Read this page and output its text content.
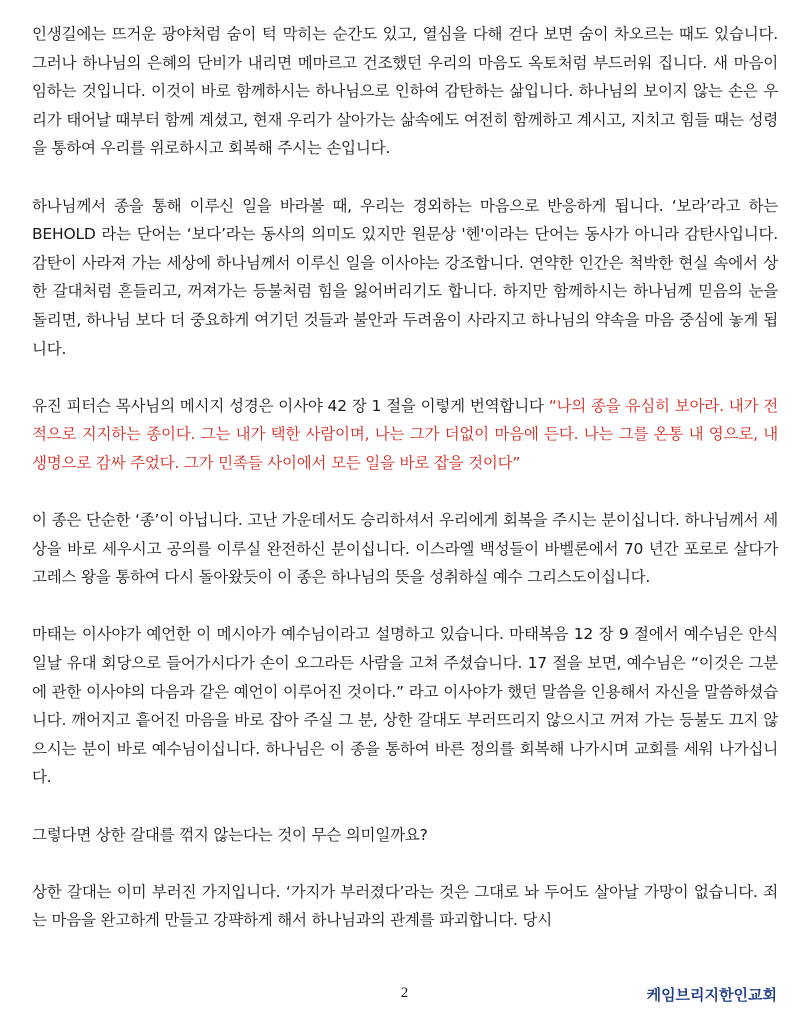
인생길에는 뜨거운 광야처럼 숨이 턱 막히는 순간도 있고, 열심을 다해 걷다 보면 숨이 차오르는 때도 있습니다. 그러나 하나님의 은혜의 단비가 내리면 메마르고 건조했던 우리의 마음도 옥토처럼 부드러워 집니다. 새 마음이 임하는 것입니다. 이것이 바로 함께하시는 하나님으로 인하여 감탄하는 삶입니다. 하나님의 보이지 않는 손은 우리가 태어날 때부터 함께 계셨고, 현재 우리가 살아가는 삶속에도 여전히 함께하고 계시고, 지치고 힘들 때는 성령을 통하여 우리를 위로하시고 회복해 주시는 손입니다.

하나님께서 종을 통해 이루신 일을 바라볼 때, 우리는 경외하는 마음으로 반응하게 됩니다. ‘보라’라고 하는 BEHOLD 라는 단어는 ‘보다’라는 동사의 의미도 있지만 원문상 '헨'이라는 단어는 동사가 아니라 감탄사입니다. 감탄이 사라져 가는 세상에 하나님께서 이루신 일을 이사야는 강조합니다. 연약한 인간은 척박한 현실 속에서 상한 갈대처럼 흔들리고, 꺼져가는 등불처럼 힘을 잃어버리기도 합니다. 하지만 함께하시는 하나님께 믿음의 눈을 돌리면, 하나님 보다 더 중요하게 여기던 것들과 불안과 두려움이 사라지고 하나님의 약속을 마음 중심에 놓게 됩니다.

유진 피터슨 목사님의 메시지 성경은 이사야 42 장 1 절을 이렇게 번역합니다 “나의 종을 유심히 보아라. 내가 전적으로 지지하는 종이다. 그는 내가 택한 사람이며, 나는 그가 더없이 마음에 든다. 나는 그를 온통 내 영으로, 내 생명으로 감싸 주었다. 그가 민족들 사이에서 모든 일을 바로 잡을 것이다”

이 종은 단순한 ‘종’이 아닙니다. 고난 가운데서도 승리하셔서 우리에게 회복을 주시는 분이십니다. 하나님께서 세상을 바로 세우시고 공의를 이루실 완전하신 분이십니다. 이스라엘 백성들이 바벨론에서 70 년간 포로로 살다가 고레스 왕을 통하여 다시 돌아왔듯이 이 종은 하나님의 뜻을 성취하실 예수 그리스도이십니다.

마태는 이사야가 예언한 이 메시아가 예수님이라고 설명하고 있습니다. 마태복음 12 장 9 절에서 예수님은 안식일날 유대 회당으로 들어가시다가 손이 오그라든 사람을 고쳐 주셨습니다. 17 절을 보면, 예수님은 “이것은 그분에 관한 이사야의 다음과 같은 예언이 이루어진 것이다.” 라고 이사야가 했던 말씀을 인용해서 자신을 말씀하셨습니다. 깨어지고 흩어진 마음을 바로 잡아 주실 그 분, 상한 갈대도 부러뜨리지 않으시고 꺼져 가는 등불도 끄지 않으시는 분이 바로 예수님이십니다. 하나님은 이 종을 통하여 바른 정의를 회복해 나가시며 교회를 세워 나가십니다.

그렇다면 상한 갈대를 꺾지 않는다는 것이 무슨 의미일까요?

상한 갈대는 이미 부러진 가지입니다. ‘가지가 부러졌다’라는 것은 그대로 놔 두어도 살아날 가망이 없습니다. 죄는 마음을 완고하게 만들고 강퍅하게 해서 하나님과의 관계를 파괴합니다. 당시

2	케임브리지한인교회
